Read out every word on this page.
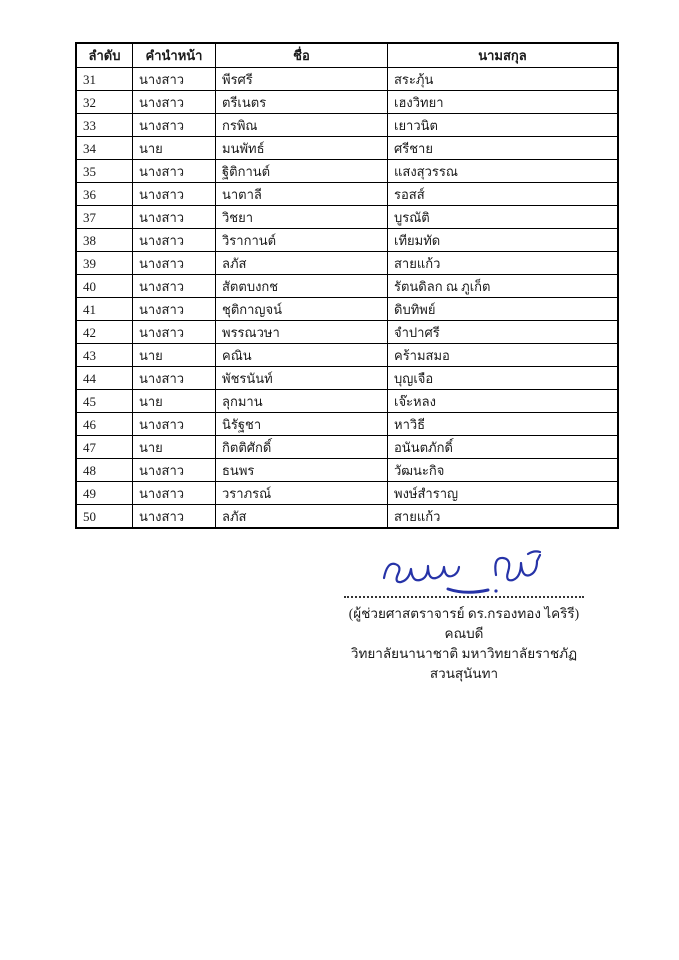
ลำดับ	คำนำหน้า	ชื่อ	นามสกุล
31	นางสาว	พีรศรี	สระภุ้น
32	นางสาว	ตรีเนตร	เฮงวิทยา
33	นางสาว	กรพิณ	เยาวนิต
34	นาย	มนพัทธ์	ศรีชาย
35	นางสาว	ฐิติกานต์	แสงสุวรรณ
36	นางสาว	นาตาลี	รอสส์
37	นางสาว	วิชยา	บูรณัติ
38	นางสาว	วิรากานต์	เทียมทัด
39	นางสาว	ลภัส	สายแก้ว
40	นางสาว	สัตตบงกช	รัตนดิลก ณ ภูเก็ต
41	นางสาว	ชุติกาญจน์	ดิบทิพย์
42	นางสาว	พรรณวษา	จำปาศรี
43	นาย	คณิน	คร้ามสมอ
44	นางสาว	พัชรนันท์	บุญเจือ
45	นาย	ลุกมาน	เจ๊ะหลง
46	นางสาว	นิรัฐชา	หาวิธี
47	นาย	กิตติศักดิ์	อนันตภักดิ์
48	นางสาว	ธนพร	วัฒนะกิจ
49	นางสาว	วราภรณ์	พงษ์สำราญ
50	นางสาว	ลภัส	สายแก้ว
(ผู้ช่วยศาสตราจารย์ ดร.กรองทอง ไคริรี)
คณบดี
วิทยาลัยนานาชาติ มหาวิทยาลัยราชภัฏสวนสุนันทา
